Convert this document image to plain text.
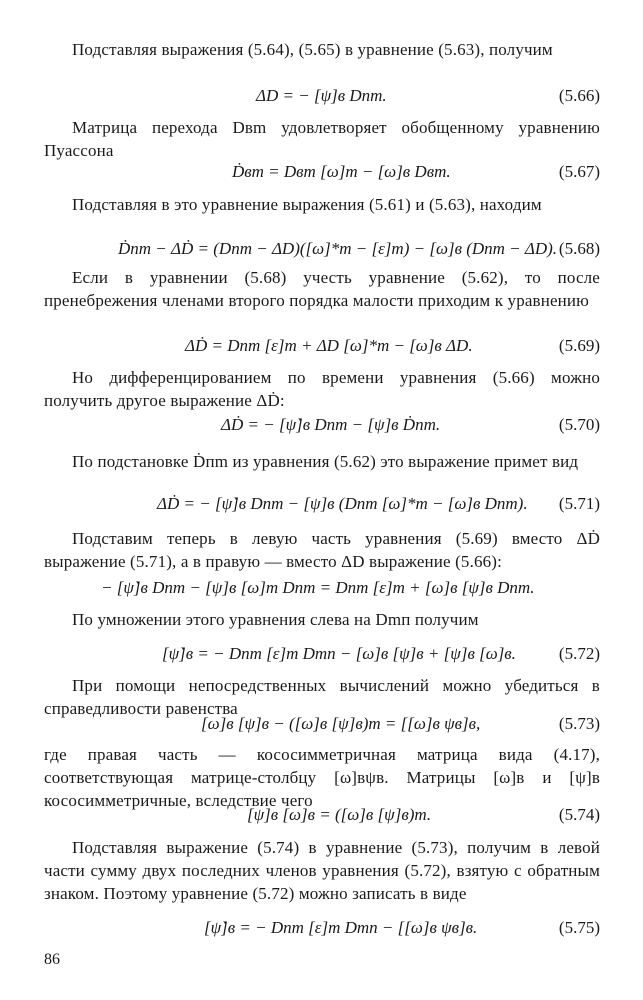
Подставляя выражения (5.64), (5.65) в уравнение (5.63), получим
ΔD = − [ψ]в Dпm.	(5.66)
Матрица перехода Dвm удовлетворяет обобщенному уравнению Пуассона
Ḋвm = Dвm [ω]m − [ω]в Dвm.	(5.67)
Подставляя в это уравнение выражения (5.61) и (5.63), находим
Ḋпm − ΔḊ = (Dпm − ΔD)([ω]*m − [ε]m) − [ω]в (Dпm − ΔD). (5.68)
Если в уравнении (5.68) учесть уравнение (5.62), то после пренебрежения членами второго порядка малости приходим к уравнению
ΔḊ = Dпm [ε]m + ΔD [ω]*m − [ω]в ΔD.	(5.69)
Но дифференцированием по времени уравнения (5.66) можно получить другое выражение ΔḊ:
ΔḊ = − [ψ̇]в Dпm − [ψ]в Ḋпm.	(5.70)
По подстановке Ḋпm из уравнения (5.62) это выражение примет вид
ΔḊ = − [ψ̇]в Dпm − [ψ]в (Dпm [ω]*m − [ω]в Dпm). (5.71)
Подставим теперь в левую часть уравнения (5.69) вместо ΔḊ выражение (5.71), а в правую — вместо ΔD выражение (5.66):
− [ψ̇]в Dпm − [ψ]в [ω]m Dпm = Dпm [ε]m + [ω]в [ψ]в Dпm.
По умножении этого уравнения слева на Dmп получим
[ψ̇]в = − Dпm [ε]m Dmп − [ω]в [ψ]в + [ψ]в [ω]в.	(5.72)
При помощи непосредственных вычислений можно убедиться в справедливости равенства
[ω]в [ψ]в − ([ω]в [ψ]в)т = [[ω]в ψв]в,	(5.73)
где правая часть — кососимметричная матрица вида (4.17), соответствующая матрице-столбцу [ω]вψв. Матрицы [ω]в и [ψ]в кососимметричные, вследствие чего
[ψ]в [ω]в = ([ω]в [ψ]в)т.	(5.74)
Подставляя выражение (5.74) в уравнение (5.73), получим в левой части сумму двух последних членов уравнения (5.72), взятую с обратным знаком. Поэтому уравнение (5.72) можно записать в виде
[ψ̇]в = − Dпm [ε]m Dmп − [[ω]в ψв]в.	(5.75)
86
